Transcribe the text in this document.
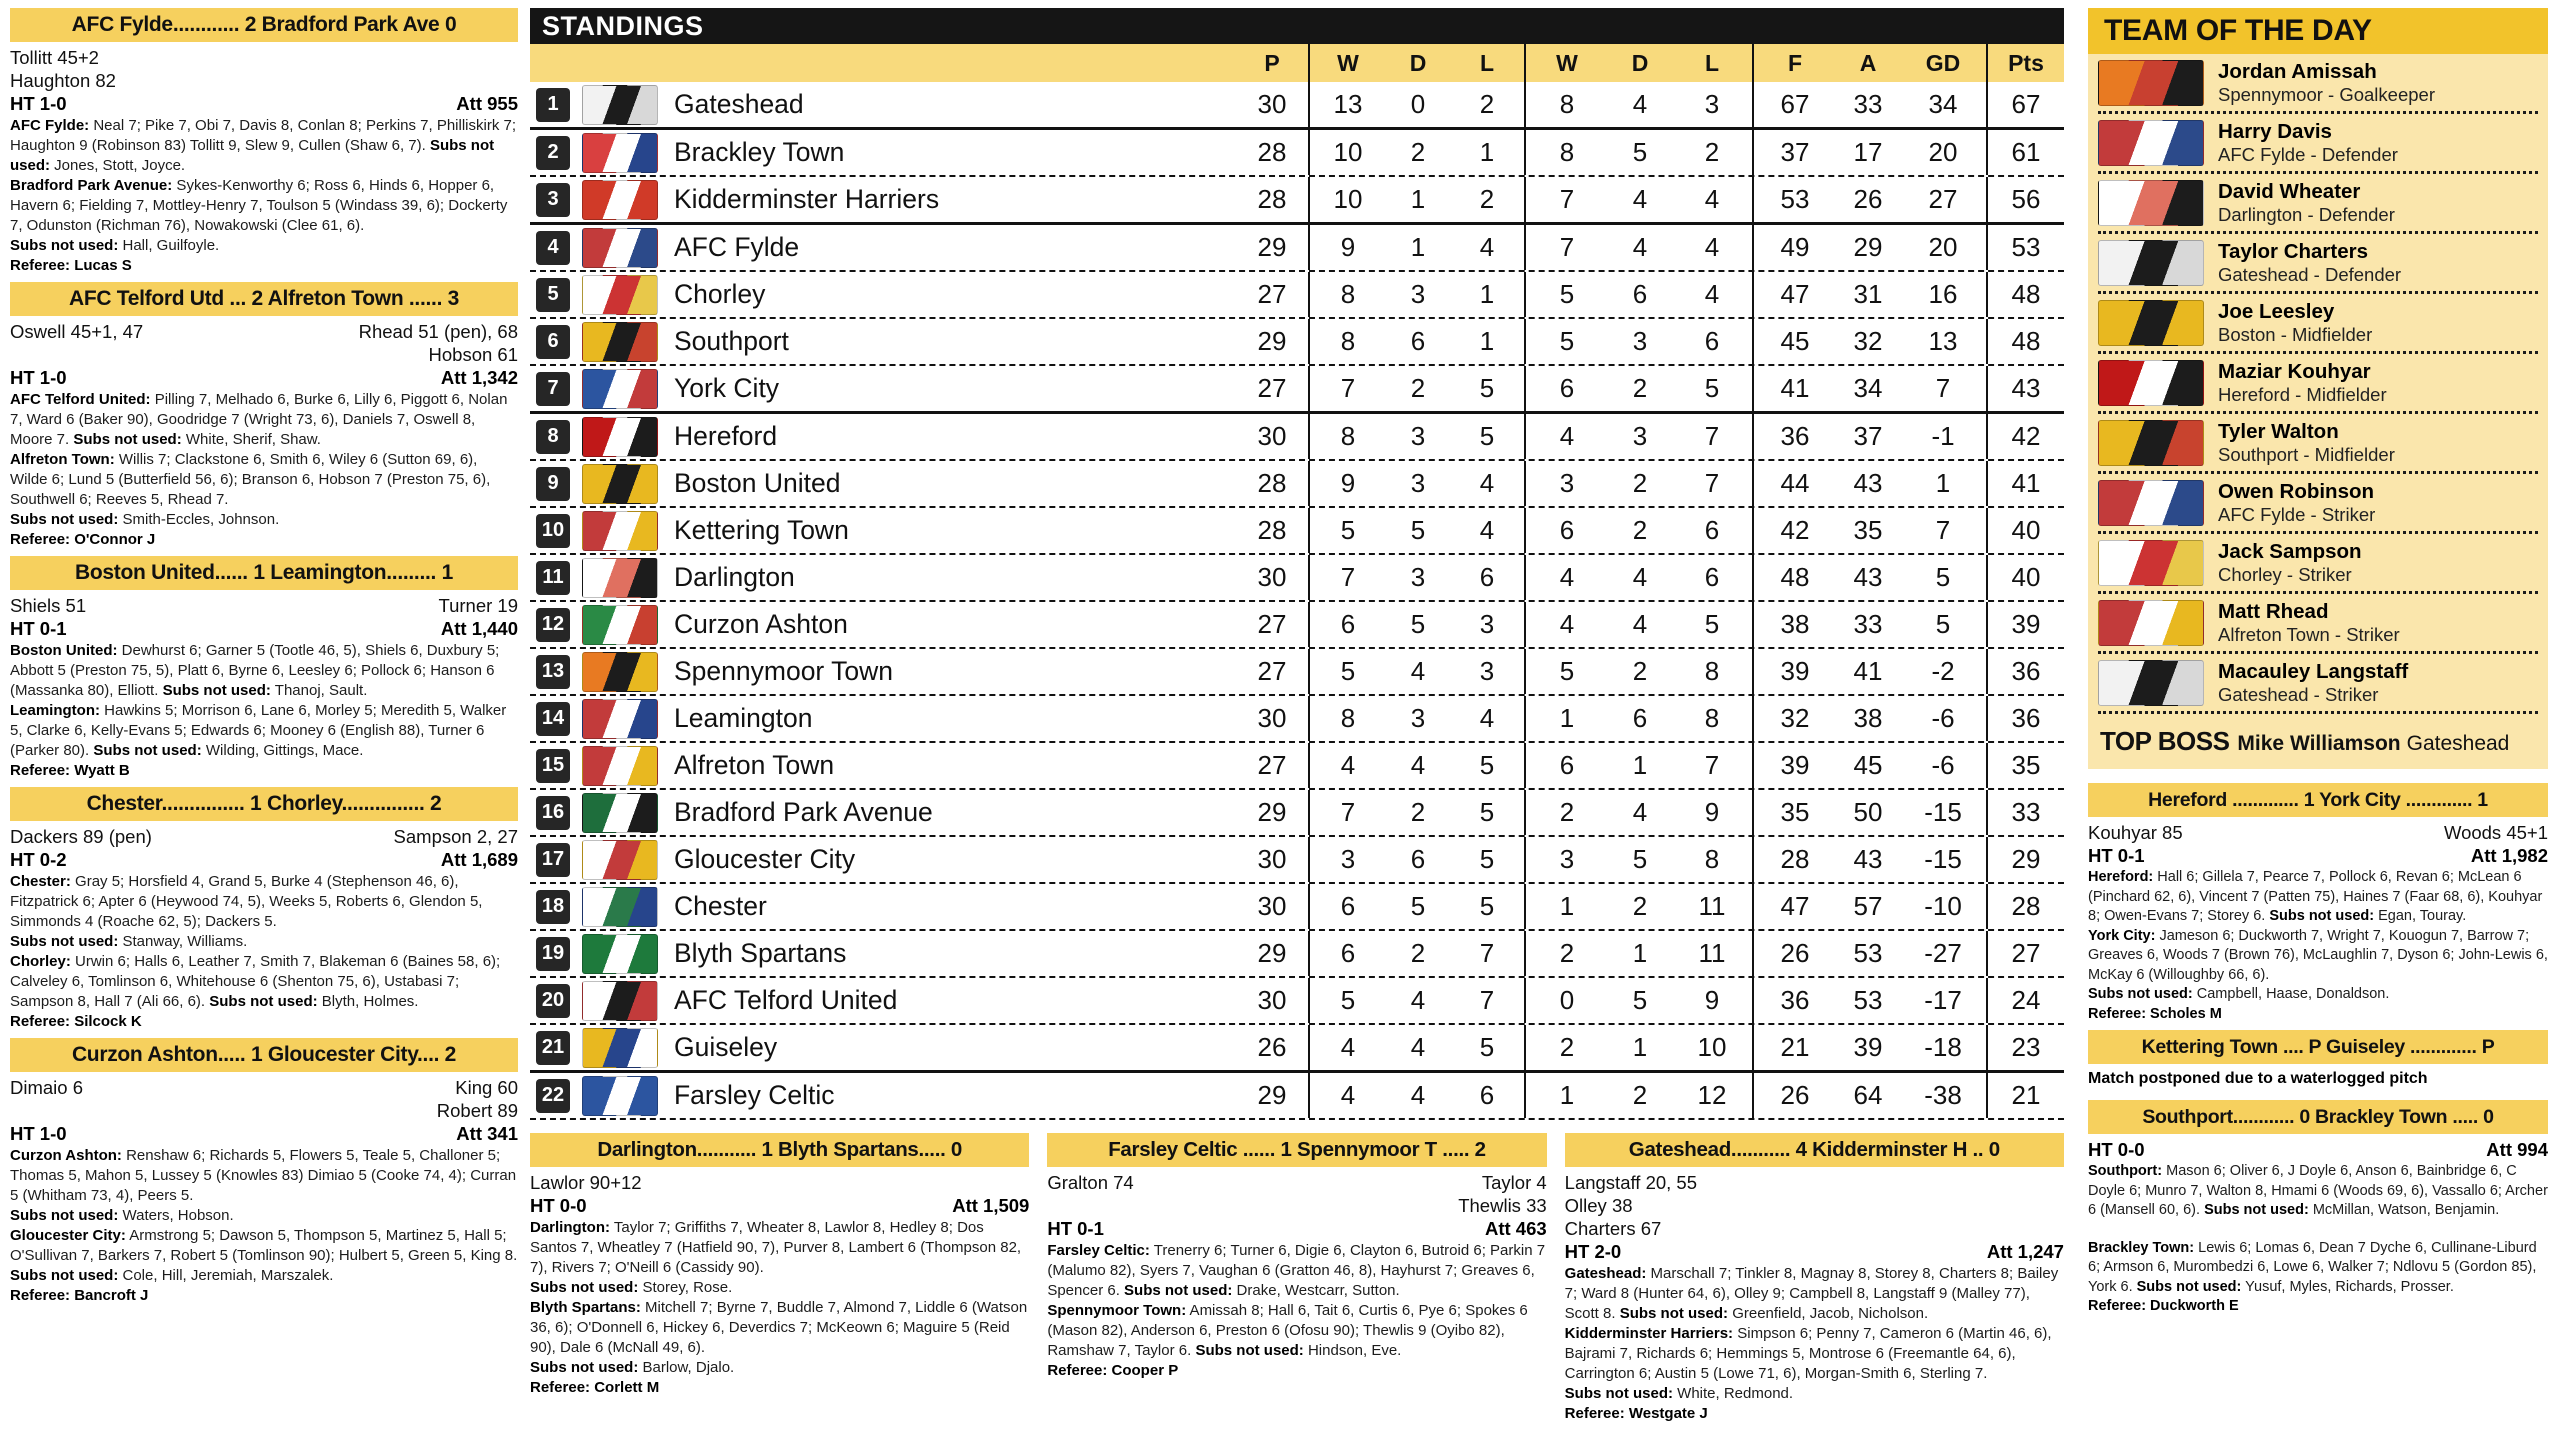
AFC Fylde............ 2 Bradford Park Ave 0
Tollitt 45+2
Haughton 82
HT 1-0	Att 955

AFC Fylde: Neal 7; Pike 7, Obi 7, Davis 8, Conlan 8; Perkins 7, Philliskirk 7; Haughton 9 (Robinson 83) Tollitt 9, Slew 9, Cullen (Shaw 6, 7). Subs not used: Jones, Stott, Joyce.

Bradford Park Avenue: Sykes-Kenworthy 6; Ross 6, Hinds 6, Hopper 6, Havern 6; Fielding 7, Mottley-Henry 7, Toulson 5 (Windass 39, 6); Dockerty 7, Odunston (Richman 76), Nowakowski (Clee 61, 6).

Subs not used: Hall, Guilfoyle.

Referee: Lucas S

AFC Telford Utd ... 2 Alfreton Town ...... 3
Oswell 45+1, 47	Rhead 51 (pen), 68
Hobson 61
HT 1-0	Att 1,342

AFC Telford United: Pilling 7, Melhado 6, Burke 6, Lilly 6, Piggott 6, Nolan 7, Ward 6 (Baker 90), Goodridge 7 (Wright 73, 6), Daniels 7, Oswell 8, Moore 7. Subs not used: White, Sherif, Shaw.

Alfreton Town: Willis 7; Clackstone 6, Smith 6, Wiley 6 (Sutton 69, 6), Wilde 6; Lund 5 (Butterfield 56, 6); Branson 6, Hobson 7 (Preston 75, 6), Southwell 6; Reeves 5, Rhead 7.

Subs not used: Smith-Eccles, Johnson.

Referee: O'Connor J

Boston United...... 1 Leamington......... 1
Shiels 51	Turner 19
HT 0-1	Att 1,440

Boston United: Dewhurst 6; Garner 5 (Tootle 46, 5), Shiels 6, Duxbury 5; Abbott 5 (Preston 75, 5), Platt 6, Byrne 6, Leesley 6; Pollock 6; Hanson 6 (Massanka 80), Elliott. Subs not used: Thanoj, Sault.

Leamington: Hawkins 5; Morrison 6, Lane 6, Morley 5; Meredith 5, Walker 5, Clarke 6, Kelly-Evans 5; Edwards 6; Mooney 6 (English 88), Turner 6 (Parker 80). Subs not used: Wilding, Gittings, Mace.

Referee: Wyatt B

Chester............... 1 Chorley............... 2
Dackers 89 (pen)	Sampson 2, 27
HT 0-2	Att 1,689

Chester: Gray 5; Horsfield 4, Grand 5, Burke 4 (Stephenson 46, 6), Fitzpatrick 6; Apter 6 (Heywood 74, 5), Weeks 5, Roberts 6, Glendon 5, Simmonds 4 (Roache 62, 5); Dackers 5.

Subs not used: Stanway, Williams.

Chorley: Urwin 6; Halls 6, Leather 7, Smith 7, Blakeman 6 (Baines 58, 6); Calveley 6, Tomlinson 6, Whitehouse 6 (Shenton 75, 6), Ustabasi 7; Sampson 8, Hall 7 (Ali 66, 6). Subs not used: Blyth, Holmes.

Referee: Silcock K

Curzon Ashton..... 1 Gloucester City.... 2
Dimaio 6	King 60
Robert 89
HT 1-0	Att 341

Curzon Ashton: Renshaw 6; Richards 5, Flowers 5, Teale 5, Challoner 5; Thomas 5, Mahon 5, Lussey 5 (Knowles 83) Dimiao 5 (Cooke 74, 4); Curran 5 (Whitham 73, 4), Peers 5.

Subs not used: Waters, Hobson.

Gloucester City: Armstrong 5; Dawson 5, Thompson 5, Martinez 5, Hall 5; O'Sullivan 7, Barkers 7, Robert 5 (Tomlinson 90); Hulbert 5, Green 5, King 8. Subs not used: Cole, Hill, Jeremiah, Marszalek.

Referee: Bancroft J

STANDINGS
P	W	D	L	W	D	L	F	A	GD	Pts
1	Gateshead	30	13	0	2	8	4	3	67	33	34	67
2	Brackley Town	28	10	2	1	8	5	2	37	17	20	61
3	Kidderminster Harriers	28	10	1	2	7	4	4	53	26	27	56
4	AFC Fylde	29	9	1	4	7	4	4	49	29	20	53
5	Chorley	27	8	3	1	5	6	4	47	31	16	48
6	Southport	29	8	6	1	5	3	6	45	32	13	48
7	York City	27	7	2	5	6	2	5	41	34	7	43
8	Hereford	30	8	3	5	4	3	7	36	37	-1	42
9	Boston United	28	9	3	4	3	2	7	44	43	1	41
10	Kettering Town	28	5	5	4	6	2	6	42	35	7	40
11	Darlington	30	7	3	6	4	4	6	48	43	5	40
12	Curzon Ashton	27	6	5	3	4	4	5	38	33	5	39
13	Spennymoor Town	27	5	4	3	5	2	8	39	41	-2	36
14	Leamington	30	8	3	4	1	6	8	32	38	-6	36
15	Alfreton Town	27	4	4	5	6	1	7	39	45	-6	35
16	Bradford Park Avenue	29	7	2	5	2	4	9	35	50	-15	33
17	Gloucester City	30	3	6	5	3	5	8	28	43	-15	29
18	Chester	30	6	5	5	1	2	11	47	57	-10	28
19	Blyth Spartans	29	6	2	7	2	1	11	26	53	-27	27
20	AFC Telford United	30	5	4	7	0	5	9	36	53	-17	24
21	Guiseley	26	4	4	5	2	1	10	21	39	-18	23
22	Farsley Celtic	29	4	4	6	1	2	12	26	64	-38	21
Darlington........... 1 Blyth Spartans..... 0
Lawlor 90+12
HT 0-0	Att 1,509

Darlington: Taylor 7; Griffiths 7, Wheater 8, Lawlor 8, Hedley 8; Dos Santos 7, Wheatley 7 (Hatfield 90, 7), Purver 8, Lambert 6 (Thompson 82, 7), Rivers 7; O'Neill 6 (Cassidy 90).

Subs not used: Storey, Rose.

Blyth Spartans: Mitchell 7; Byrne 7, Buddle 7, Almond 7, Liddle 6 (Watson 36, 6); O'Donnell 6, Hickey 6, Deverdics 7; McKeown 6; Maguire 5 (Reid 90), Dale 6 (McNall 49, 6).

Subs not used: Barlow, Djalo.

Referee: Corlett M

Farsley Celtic ...... 1 Spennymoor T ..... 2
Gralton 74	Taylor 4
Thewlis 33
HT 0-1	Att 463

Farsley Celtic: Trenerry 6; Turner 6, Digie 6, Clayton 6, Butroid 6; Parkin 7 (Malumo 82), Syers 7, Vaughan 6 (Gratton 46, 8), Hayhurst 7; Greaves 6, Spencer 6. Subs not used: Drake, Westcarr, Sutton.

Spennymoor Town: Amissah 8; Hall 6, Tait 6, Curtis 6, Pye 6; Spokes 6 (Mason 82), Anderson 6, Preston 6 (Ofosu 90); Thewlis 9 (Oyibo 82), Ramshaw 7, Taylor 6. Subs not used: Hindson, Eve.

Referee: Cooper P

Gateshead........... 4 Kidderminster H .. 0
Langstaff 20, 55
Olley 38
Charters 67
HT 2-0	Att 1,247

Gateshead: Marschall 7; Tinkler 8, Magnay 8, Storey 8, Charters 8; Bailey 7; Ward 8 (Hunter 64, 6), Olley 9; Campbell 8, Langstaff 9 (Malley 77), Scott 8. Subs not used: Greenfield, Jacob, Nicholson.

Kidderminster Harriers: Simpson 6; Penny 7, Cameron 6 (Martin 46, 6), Bajrami 7, Richards 6; Hemmings 5, Montrose 6 (Freemantle 64, 6), Carrington 6; Austin 5 (Lowe 71, 6), Morgan-Smith 6, Sterling 7.

Subs not used: White, Redmond.

Referee: Westgate J

TEAM OF THE DAY
Jordan Amissah
Spennymoor - Goalkeeper
Harry Davis
AFC Fylde - Defender
David Wheater
Darlington - Defender
Taylor Charters
Gateshead - Defender
Joe Leesley
Boston - Midfielder
Maziar Kouhyar
Hereford - Midfielder
Tyler Walton
Southport - Midfielder
Owen Robinson
AFC Fylde - Striker
Jack Sampson
Chorley - Striker
Matt Rhead
Alfreton Town - Striker
Macauley Langstaff
Gateshead - Striker
TOP BOSS Mike Williamson Gateshead
Hereford ............. 1 York City ............. 1
Kouhyar 85	Woods 45+1
HT 0-1	Att 1,982

Hereford: Hall 6; Gillela 7, Pearce 7, Pollock 6, Revan 6; McLean 6 (Pinchard 62, 6), Vincent 7 (Patten 75), Haines 7 (Faar 68, 6), Kouhyar 8; Owen-Evans 7; Storey 6. Subs not used: Egan, Touray.

York City: Jameson 6; Duckworth 7, Wright 7, Kouogun 7, Barrow 7; Greaves 6, Woods 7 (Brown 76), McLaughlin 7, Dyson 6; John-Lewis 6, McKay 6 (Willoughby 66, 6).

Subs not used: Campbell, Haase, Donaldson.

Referee: Scholes M

Kettering Town .... P Guiseley ............. P
Match postponed due to a waterlogged pitch
Southport............ 0 Brackley Town ..... 0
HT 0-0	Att 994

Southport: Mason 6; Oliver 6, J Doyle 6, Anson 6, Bainbridge 6, C Doyle 6; Munro 7, Walton 8, Hmami 6 (Woods 69, 6), Vassallo 6; Archer 6 (Mansell 60, 6). Subs not used: McMillan, Watson, Benjamin.

Brackley Town: Lewis 6; Lomas 6, Dean 7 Dyche 6, Cullinane-Liburd 6; Armson 6, Murombedzi 6, Lowe 6, Walker 7; Ndlovu 5 (Gordon 85), York 6. Subs not used: Yusuf, Myles, Richards, Prosser.

Referee: Duckworth E
